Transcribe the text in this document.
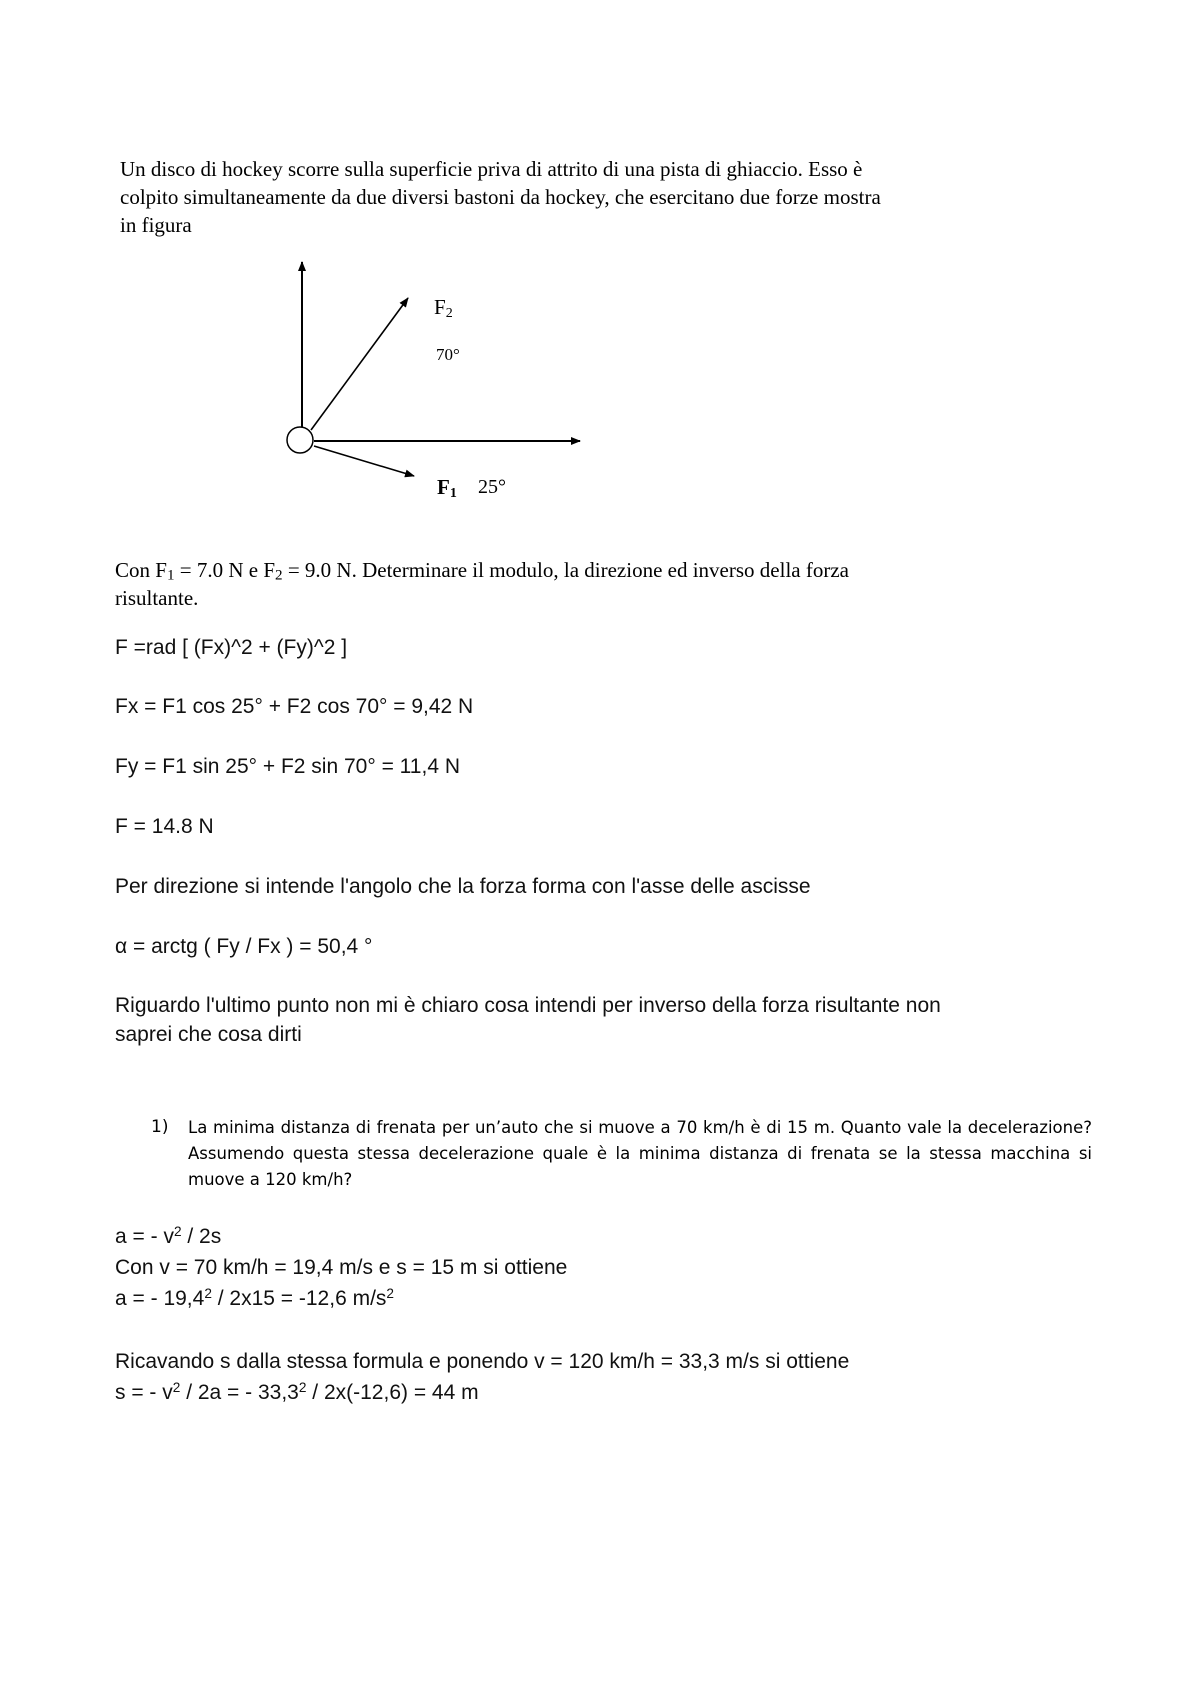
Un disco di hockey scorre sulla superficie priva di attrito di una pista di ghiaccio. Esso è
colpito simultaneamente da due diversi bastoni da hockey, che esercitano due forze mostra
in figura
F2
70°
F1 25°
Con $F_1 = 7.0$ N e $F_2 = 9.0$ N. Determinare il modulo, la direzione ed inverso della forza
risultante.
F =rad [ (Fx)^2 + (Fy)^2 ]
Fx = F1 cos 25° + F2 cos 70° = 9,42 N
Fy = F1 sin 25° + F2 sin 70° = 11,4 N
F = 14.8 N
Per direzione si intende l'angolo che la forza forma con l'asse delle ascisse
α = arctg ( Fy / Fx ) = 50,4 °
Riguardo l'ultimo punto non mi è chiaro cosa intendi per inverso della forza risultante non
saprei che cosa dirti
1) La minima distanza di frenata per un’auto che si muove a 70 km/h è di 15 m. Quanto vale la decelerazione? Assumendo questa stessa decelerazione quale è la minima distanza di frenata se la stessa macchina si muove a 120 km/h?
a = - $v^2 / 2s$
Con v = 70 km/h = 19,4 m/s e s = 15 m si ottiene
a = - 19,4$^2$ / 2x15 = -12,6 $m/s^2$
Ricavando s dalla stessa formula e ponendo v = 120 km/h = 33,3 m/s si ottiene
s = - $v^2 / 2a$ = - 33,3$^2$ / 2x(-12,6) = 44 m
